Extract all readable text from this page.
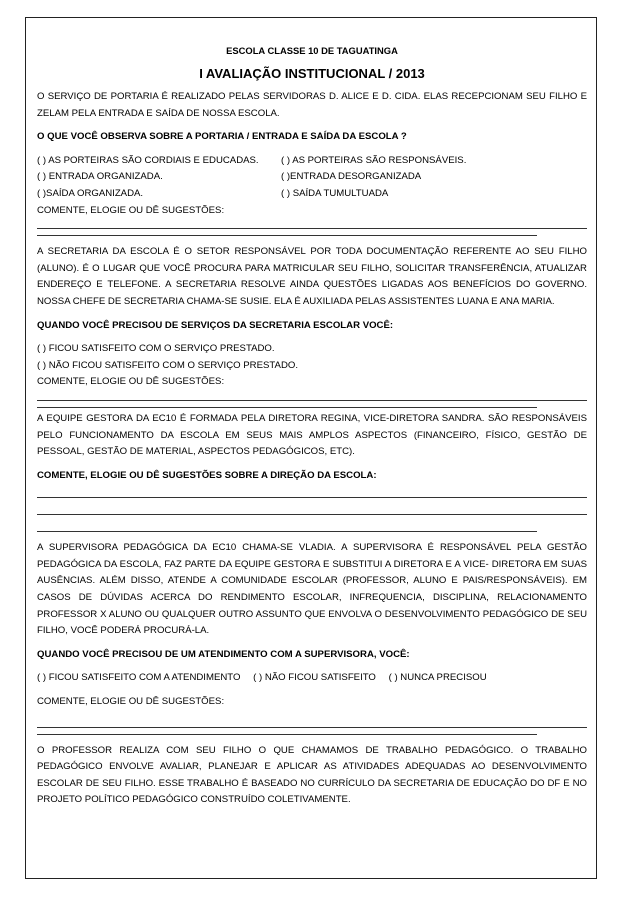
ESCOLA CLASSE 10 DE TAGUATINGA
I AVALIAÇÃO INSTITUCIONAL / 2013
O SERVIÇO DE PORTARIA É REALIZADO PELAS SERVIDORAS D. ALICE E D. CIDA. ELAS RECEPCIONAM SEU FILHO E ZELAM PELA ENTRADA E SAÍDA DE NOSSA ESCOLA.
O QUE VOCÊ OBSERVA SOBRE A PORTARIA / ENTRADA E SAÍDA DA ESCOLA ?
( ) AS PORTEIRAS SÃO CORDIAIS E EDUCADAS.	( ) AS PORTEIRAS SÃO RESPONSÁVEIS.
( ) ENTRADA ORGANIZADA.	( )ENTRADA DESORGANIZADA
( )SAÍDA ORGANIZADA.	( ) SAÍDA TUMULTUADA
COMENTE, ELOGIE OU DÊ SUGESTÕES:
A SECRETARIA DA ESCOLA É O SETOR RESPONSÁVEL POR TODA DOCUMENTAÇÃO REFERENTE AO SEU FILHO (ALUNO). É O LUGAR QUE VOCÊ PROCURA PARA MATRICULAR SEU FILHO, SOLICITAR TRANSFERÊNCIA, ATUALIZAR ENDEREÇO E TELEFONE. A SECRETARIA RESOLVE AINDA QUESTÕES LIGADAS AOS BENEFÍCIOS DO GOVERNO. NOSSA CHEFE DE SECRETARIA CHAMA-SE SUSIE. ELA É AUXILIADA PELAS ASSISTENTES LUANA E ANA MARIA.
QUANDO VOCÊ PRECISOU DE SERVIÇOS DA SECRETARIA ESCOLAR VOCÊ:
( ) FICOU SATISFEITO COM O SERVIÇO PRESTADO.
( ) NÃO FICOU SATISFEITO COM O SERVIÇO PRESTADO.
COMENTE, ELOGIE OU DÊ SUGESTÕES:
A EQUIPE GESTORA DA EC10 É FORMADA PELA DIRETORA REGINA, VICE-DIRETORA SANDRA. SÃO RESPONSÁVEIS PELO FUNCIONAMENTO DA ESCOLA EM SEUS MAIS AMPLOS ASPECTOS (FINANCEIRO, FÍSICO, GESTÃO DE PESSOAL, GESTÃO DE MATERIAL, ASPECTOS PEDAGÓGICOS, ETC).
COMENTE, ELOGIE OU DÊ SUGESTÕES SOBRE A DIREÇÃO DA ESCOLA:
A SUPERVISORA PEDAGÓGICA DA EC10 CHAMA-SE VLADIA. A SUPERVISORA É RESPONSÁVEL PELA GESTÃO PEDAGÓGICA DA ESCOLA, FAZ PARTE DA EQUIPE GESTORA E SUBSTITUI A DIRETORA E A VICE- DIRETORA EM SUAS AUSÊNCIAS. ALÉM DISSO, ATENDE A COMUNIDADE ESCOLAR (PROFESSOR, ALUNO E PAIS/RESPONSÁVEIS). EM CASOS DE DÚVIDAS ACERCA DO RENDIMENTO ESCOLAR, INFREQUENCIA, DISCIPLINA, RELACIONAMENTO PROFESSOR X ALUNO OU QUALQUER OUTRO ASSUNTO QUE ENVOLVA O DESENVOLVIMENTO PEDAGÓGICO DE SEU FILHO, VOCÊ PODERÁ PROCURÁ-LA.
QUANDO VOCÊ PRECISOU DE UM ATENDIMENTO COM A SUPERVISORA, VOCÊ:
( ) FICOU SATISFEITO COM A ATENDIMENTO ( ) NÃO FICOU SATISFEITO ( ) NUNCA PRECISOU
COMENTE, ELOGIE OU DÊ SUGESTÕES:
O PROFESSOR REALIZA COM SEU FILHO O QUE CHAMAMOS DE TRABALHO PEDAGÓGICO. O TRABALHO PEDAGÓGICO ENVOLVE AVALIAR, PLANEJAR E APLICAR AS ATIVIDADES ADEQUADAS AO DESENVOLVIMENTO ESCOLAR DE SEU FILHO. ESSE TRABALHO É BASEADO NO CURRÍCULO DA SECRETARIA DE EDUCAÇÃO DO DF E NO PROJETO POLÍTICO PEDAGÓGICO CONSTRUÍDO COLETIVAMENTE.
